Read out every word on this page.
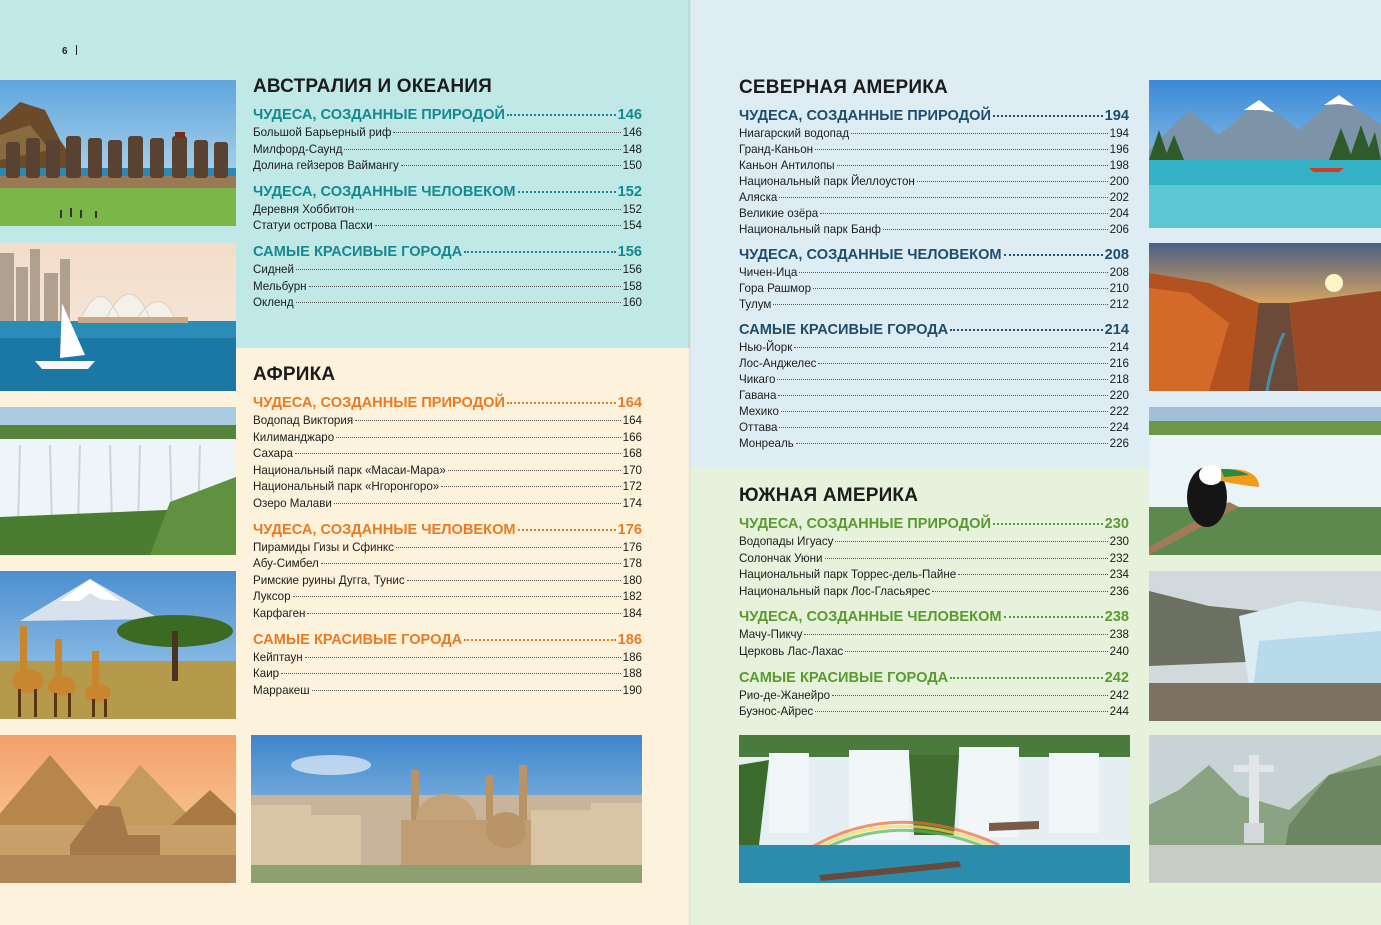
6
АВСТРАЛИЯ И ОКЕАНИЯ
ЧУДЕСА, СОЗДАННЫЕ ПРИРОДОЙ	146
Большой Барьерный риф	146
Милфорд-Саунд	148
Долина гейзеров Ваймангу	150
ЧУДЕСА, СОЗДАННЫЕ ЧЕЛОВЕКОМ	152
Деревня Хоббитон	152
Статуи острова Пасхи	154
САМЫЕ КРАСИВЫЕ ГОРОДА	156
Сидней	156
Мельбурн	158
Окленд	160
АФРИКА
ЧУДЕСА, СОЗДАННЫЕ ПРИРОДОЙ	164
Водопад Виктория	164
Килиманджаро	166
Сахара	168
Национальный парк «Масаи-Мара»	170
Национальный парк «Нгоронгоро»	172
Озеро Малави	174
ЧУДЕСА, СОЗДАННЫЕ ЧЕЛОВЕКОМ	176
Пирамиды Гизы и Сфинкс	176
Абу-Симбел	178
Римские руины Дугга, Тунис	180
Луксор	182
Карфаген	184
САМЫЕ КРАСИВЫЕ ГОРОДА	186
Кейптаун	186
Каир	188
Марракеш	190
СЕВЕРНАЯ АМЕРИКА
ЧУДЕСА, СОЗДАННЫЕ ПРИРОДОЙ	194
Ниагарский водопад	194
Гранд-Каньон	196
Каньон Антилопы	198
Национальный парк Йеллоустон	200
Аляска	202
Великие озёра	204
Национальный парк Банф	206
ЧУДЕСА, СОЗДАННЫЕ ЧЕЛОВЕКОМ	208
Чичен-Ица	208
Гора Рашмор	210
Тулум	212
САМЫЕ КРАСИВЫЕ ГОРОДА	214
Нью-Йорк	214
Лос-Анджелес	216
Чикаго	218
Гавана	220
Мехико	222
Оттава	224
Монреаль	226
ЮЖНАЯ АМЕРИКА
ЧУДЕСА, СОЗДАННЫЕ ПРИРОДОЙ	230
Водопады Игуасу	230
Солончак Уюни	232
Национальный парк Торрес-дель-Пайне	234
Национальный парк Лос-Гласьярес	236
ЧУДЕСА, СОЗДАННЫЕ ЧЕЛОВЕКОМ	238
Мачу-Пикчу	238
Церковь Лас-Лахас	240
САМЫЕ КРАСИВЫЕ ГОРОДА	242
Рио-де-Жанейро	242
Буэнос-Айрес	244
